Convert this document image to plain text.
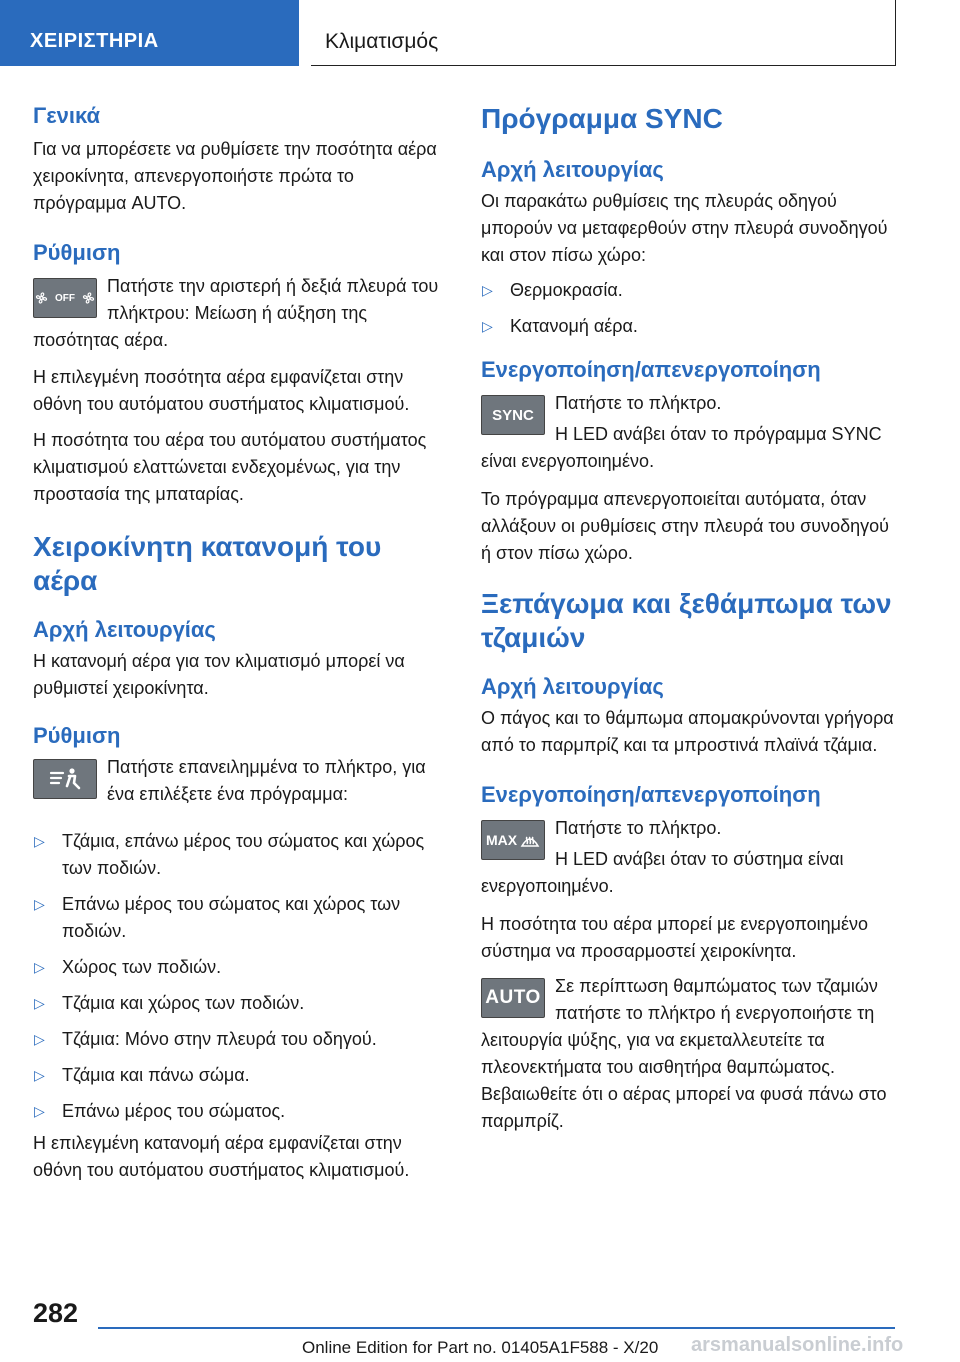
ΧΕΙΡΙΣΤΗΡΙΑ	Κλιματισμός
Γενικά

Για να μπορέσετε να ρυθμίσετε την ποσότητα αέρα χειροκίνητα, απενεργοποιήστε πρώτα το πρόγραμμα AUTO.

Ρύθμιση
OFF

Πατήστε την αριστερή ή δεξιά πλευρά του πλήκτρου: Μείωση ή αύξηση της ποσότητας αέρα.

Η επιλεγμένη ποσότητα αέρα εμφανίζεται στην οθόνη του αυτόματου συστήματος κλιματισμού.

Η ποσότητα του αέρα του αυτόματου συστήματος κλιματισμού ελαττώνεται ενδεχομένως, για την προστασία της μπαταρίας.

Χειροκίνητη κατανομή του αέρα
Αρχή λειτουργίας

Η κατανομή αέρα για τον κλιματισμό μπορεί να ρυθμιστεί χειροκίνητα.

Ρύθμιση

Πατήστε επανειλημμένα το πλήκτρο, για ένα επιλέξετε ένα πρόγραμμα:

▷ Τζάμια, επάνω μέρος του σώματος και χώρος των ποδιών.
▷ Επάνω μέρος του σώματος και χώρος των ποδιών.
▷ Χώρος των ποδιών.
▷ Τζάμια και χώρος των ποδιών.
▷ Τζάμια: Μόνο στην πλευρά του οδηγού.
▷ Τζάμια και πάνω σώμα.
▷ Επάνω μέρος του σώματος.

Η επιλεγμένη κατανομή αέρα εμφανίζεται στην οθόνη του αυτόματου συστήματος κλιματισμού.

Πρόγραμμα SYNC
Αρχή λειτουργίας

Οι παρακάτω ρυθμίσεις της πλευράς οδηγού μπορούν να μεταφερθούν στην πλευρά συνοδηγού και στον πίσω χώρο:

▷ Θερμοκρασία.
▷ Κατανομή αέρα.
Ενεργοποίηση/απενεργοποίηση
SYNC

Πατήστε το πλήκτρο.

Η LED ανάβει όταν το πρόγραμμα SYNC είναι ενεργοποιημένο.

Το πρόγραμμα απενεργοποιείται αυτόματα, όταν αλλάξουν οι ρυθμίσεις στην πλευρά του συνοδηγού ή στον πίσω χώρο.

Ξεπάγωμα και ξεθάμπωμα των τζαμιών
Αρχή λειτουργίας

Ο πάγος και το θάμπωμα απομακρύνονται γρήγορα από το παρμπρίζ και τα μπροστινά πλαϊνά τζάμια.

Ενεργοποίηση/απενεργοποίηση
MAX

Πατήστε το πλήκτρο.

Η LED ανάβει όταν το σύστημα είναι ενεργοποιημένο.

Η ποσότητα του αέρα μπορεί με ενεργοποιημένο σύστημα να προσαρμοστεί χειροκίνητα.

AUTO

Σε περίπτωση θαμπώματος των τζαμιών πατήστε το πλήκτρο ή ενεργοποιήστε τη λειτουργία ψύξης, για να εκμεταλλευτείτε τα πλεονεκτήματα του αισθητήρα θαμπώματος. Βεβαιωθείτε ότι ο αέρας μπορεί να φυσά πάνω στο παρμπρίζ.

282
Online Edition for Part no. 01405A1F588 - X/20 arsmanualsonline.info
